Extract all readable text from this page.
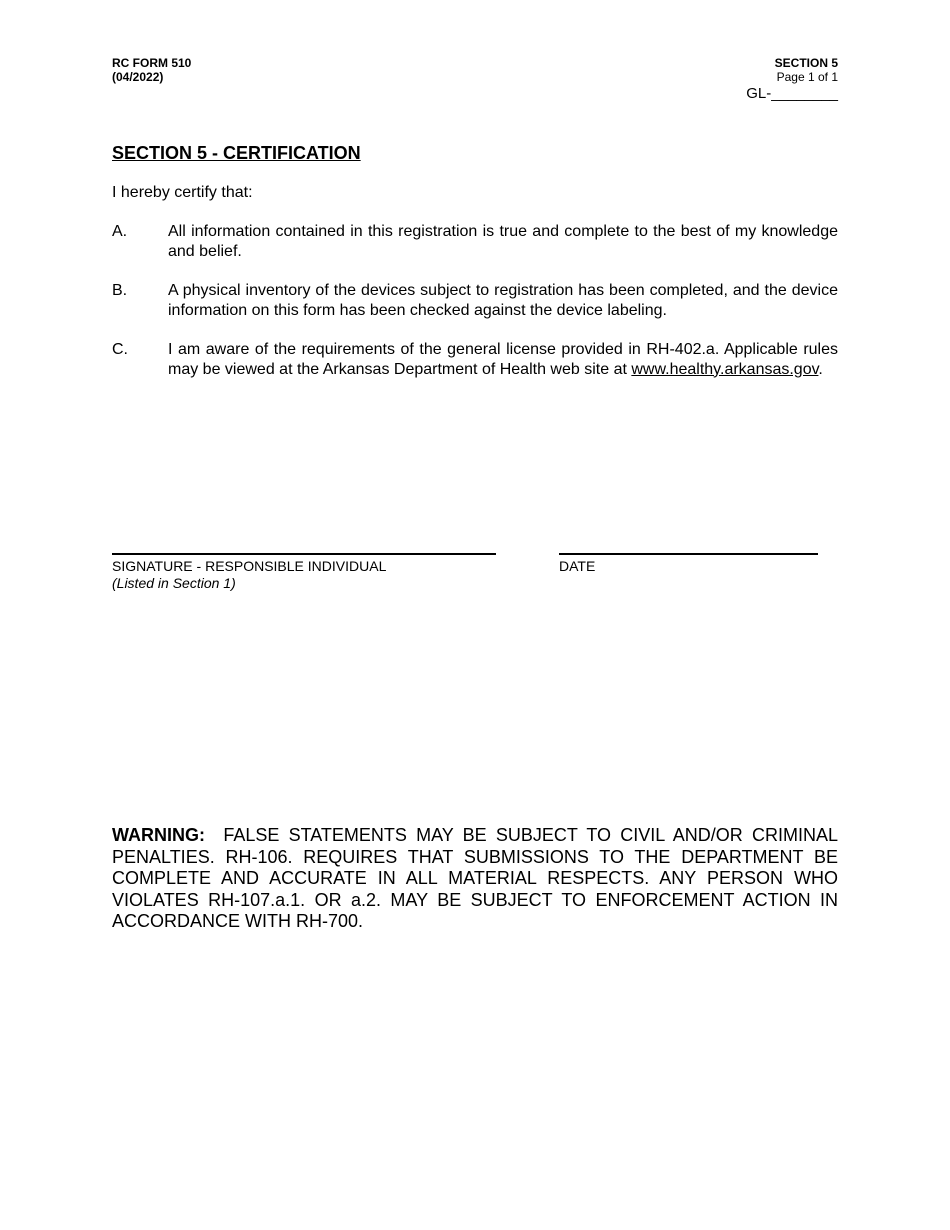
RC FORM 510
(04/2022)
SECTION 5
Page 1 of 1
GL-________
SECTION 5 - CERTIFICATION
I hereby certify that:
A.	All information contained in this registration is true and complete to the best of my knowledge and belief.
B.	A physical inventory of the devices subject to registration has been completed, and the device information on this form has been checked against the device labeling.
C.	I am aware of the requirements of the general license provided in RH-402.a. Applicable rules may be viewed at the Arkansas Department of Health web site at www.healthy.arkansas.gov.
SIGNATURE - RESPONSIBLE INDIVIDUAL
(Listed in Section 1)
DATE
WARNING: FALSE STATEMENTS MAY BE SUBJECT TO CIVIL AND/OR CRIMINAL PENALTIES. RH-106. REQUIRES THAT SUBMISSIONS TO THE DEPARTMENT BE COMPLETE AND ACCURATE IN ALL MATERIAL RESPECTS. ANY PERSON WHO VIOLATES RH-107.a.1. OR a.2. MAY BE SUBJECT TO ENFORCEMENT ACTION IN ACCORDANCE WITH RH-700.
